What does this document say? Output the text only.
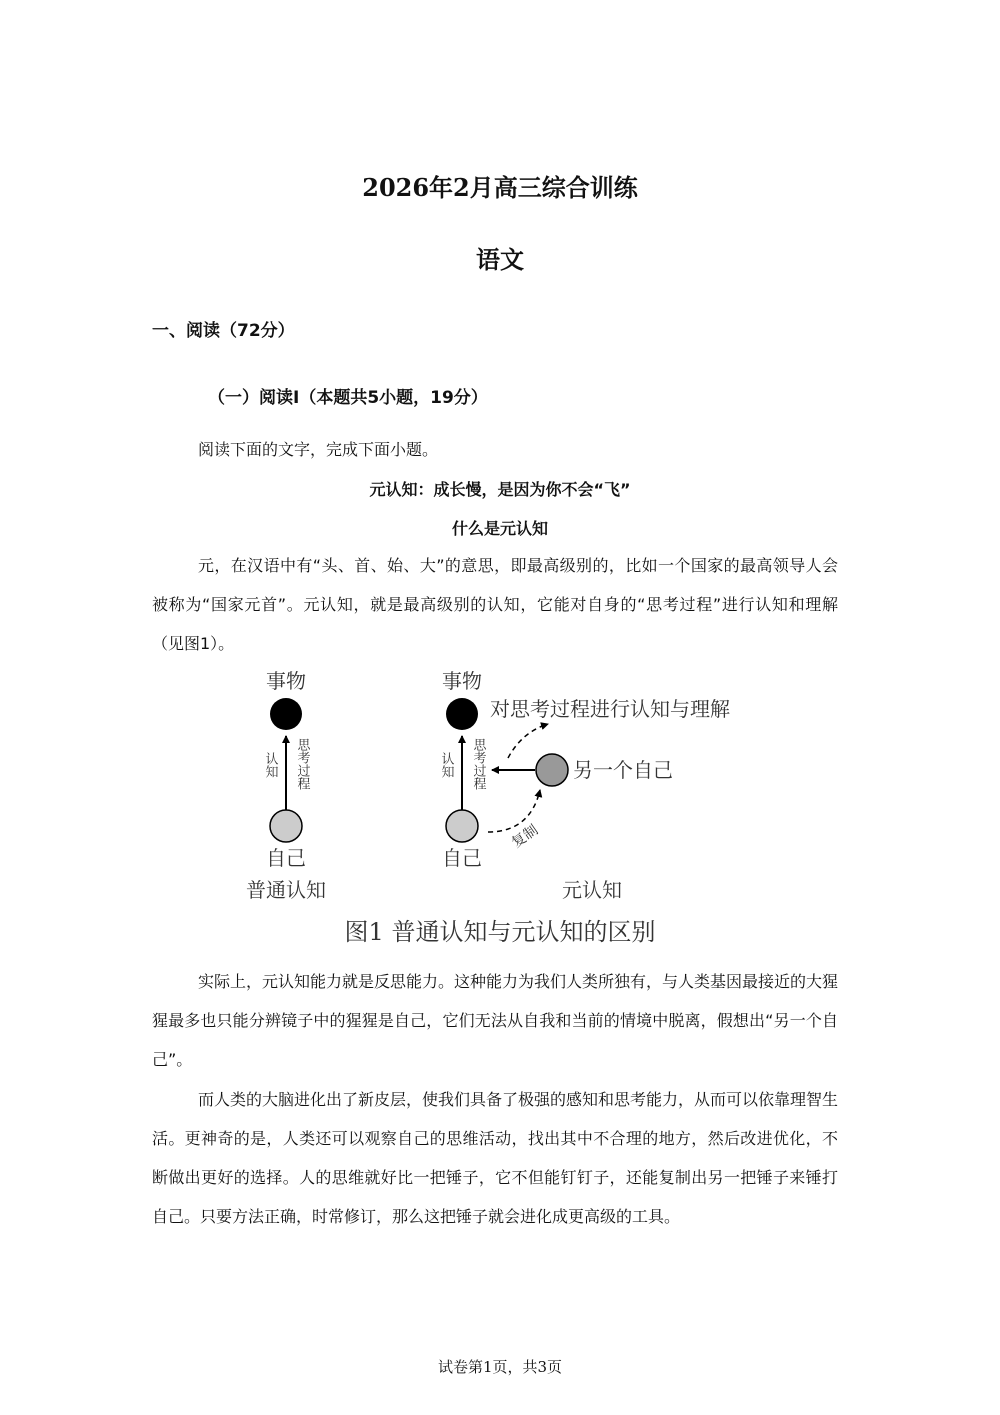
2026年2月高三综合训练
语文
一、阅读（72分）
（一）阅读Ⅰ（本题共5小题，19分）
阅读下面的文字，完成下面小题。
元认知：成长慢，是因为你不会“飞”
什么是元认知

元，在汉语中有“头、首、始、大”的意思，即最高级别的，比如一个国家的最高领导人会被称为“国家元首”。元认知，就是最高级别的认知，它能对自身的“思考过程”进行认知和理解（见图1）。

事物
认知 思考过程
自己
普通认知
事物
认知 思考过程
自己
另一个自己
复制
对思考过程进行认知与理解
元认知
图1 普通认知与元认知的区别

实际上，元认知能力就是反思能力。这种能力为我们人类所独有，与人类基因最接近的大猩猩最多也只能分辨镜子中的猩猩是自己，它们无法从自我和当前的情境中脱离，假想出“另一个自己”。

而人类的大脑进化出了新皮层，使我们具备了极强的感知和思考能力，从而可以依靠理智生活。更神奇的是，人类还可以观察自己的思维活动，找出其中不合理的地方，然后改进优化，不断做出更好的选择。人的思维就好比一把锤子，它不但能钉钉子，还能复制出另一把锤子来锤打自己。只要方法正确，时常修订，那么这把锤子就会进化成更高级的工具。

试卷第1页，共3页
